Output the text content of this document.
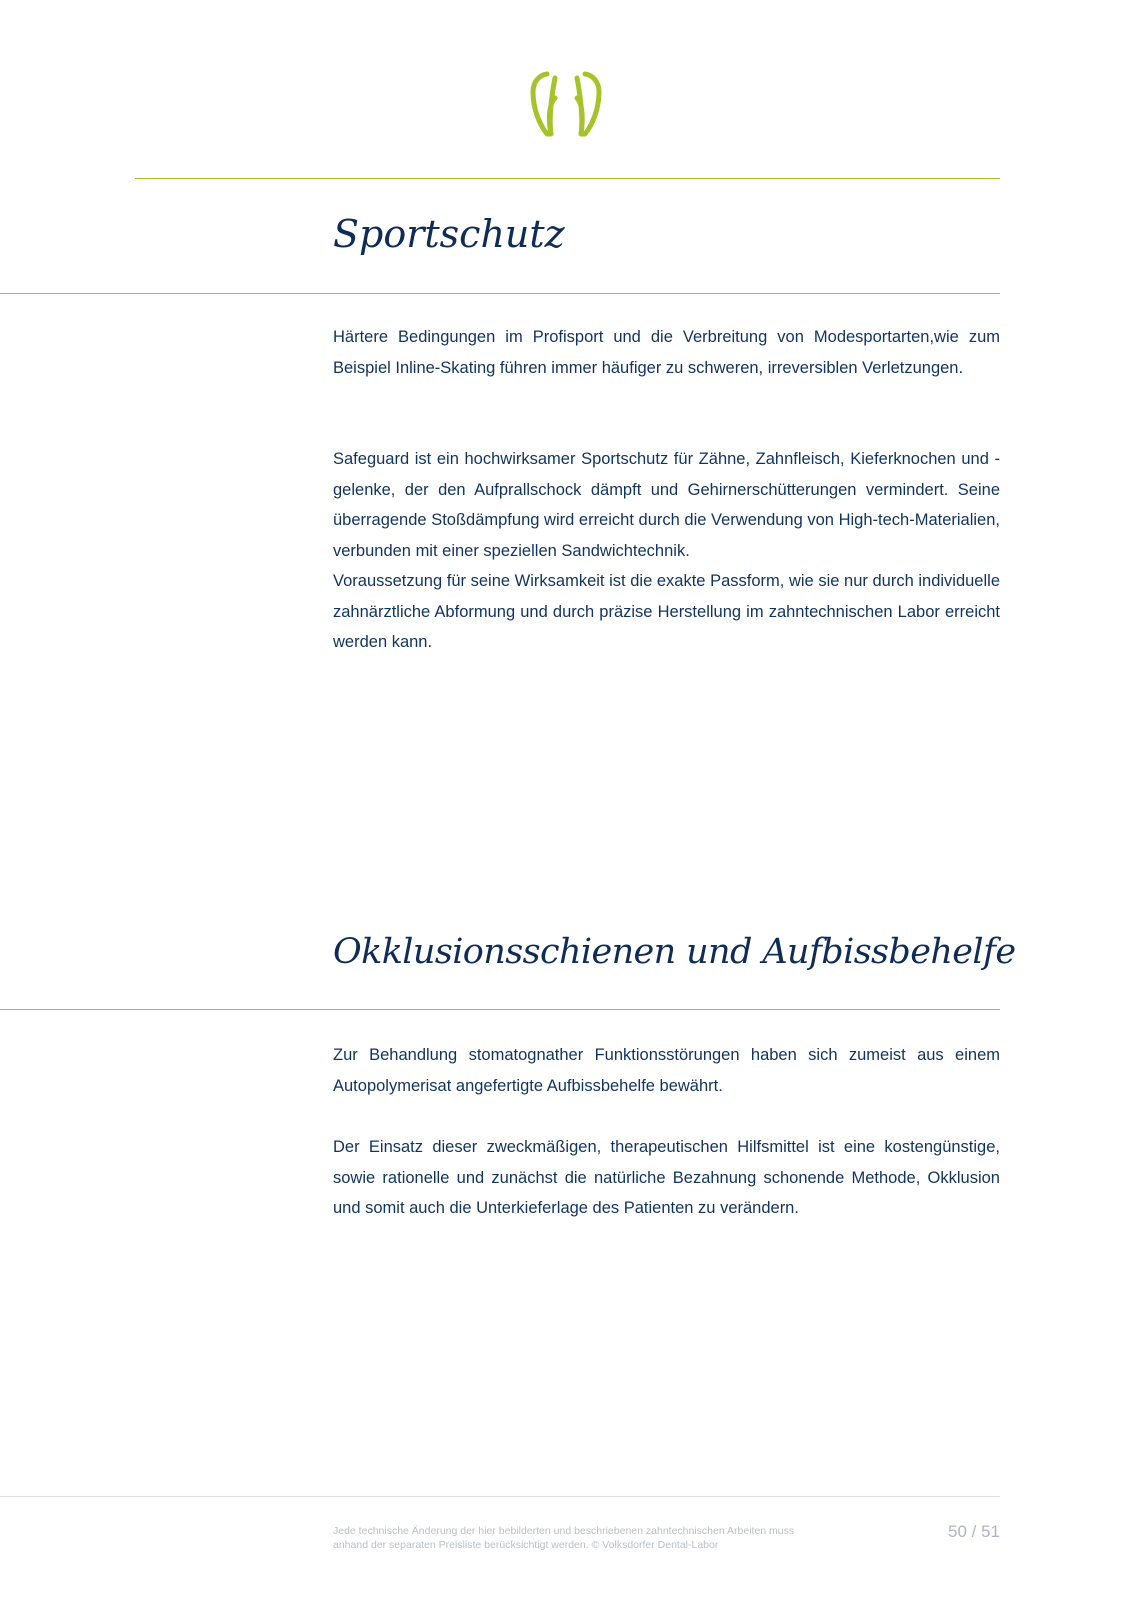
Sportschutz

Härtere Bedingungen im Profisport und die Verbreitung von Modesportarten,wie zum Beispiel Inline-Skating führen immer häufiger zu schweren, irreversiblen Verletzungen.

Safeguard ist ein hochwirksamer Sportschutz für Zähne, Zahnfleisch, Kieferknochen und -gelenke, der den Aufprallschock dämpft und Gehirnerschütterungen vermindert. Seine überragende Stoßdämpfung wird erreicht durch die Verwendung von High-tech-Materialien, verbunden mit einer speziellen Sandwichtechnik.

Voraussetzung für seine Wirksamkeit ist die exakte Passform, wie sie nur durch individuelle zahnärztliche Abformung und durch präzise Herstellung im zahntechnischen Labor erreicht werden kann.

Okklusionsschienen und Aufbissbehelfe

Zur Behandlung stomatognather Funktionsstörungen haben sich zumeist aus einem Autopolymerisat angefertigte Aufbissbehelfe bewährt.

Der Einsatz dieser zweckmäßigen, therapeutischen Hilfsmittel ist eine kostengünstige, sowie rationelle und zunächst die natürliche Bezahnung schonende Methode, Okklusion und somit auch die Unterkieferlage des Patienten zu verändern.

Jede technische Änderung der hier bebilderten und beschriebenen zahntechnischen Arbeiten muss
anhand der separaten Preisliste berücksichtigt werden. © Volksdorfer Dental-Labor
50 / 51
